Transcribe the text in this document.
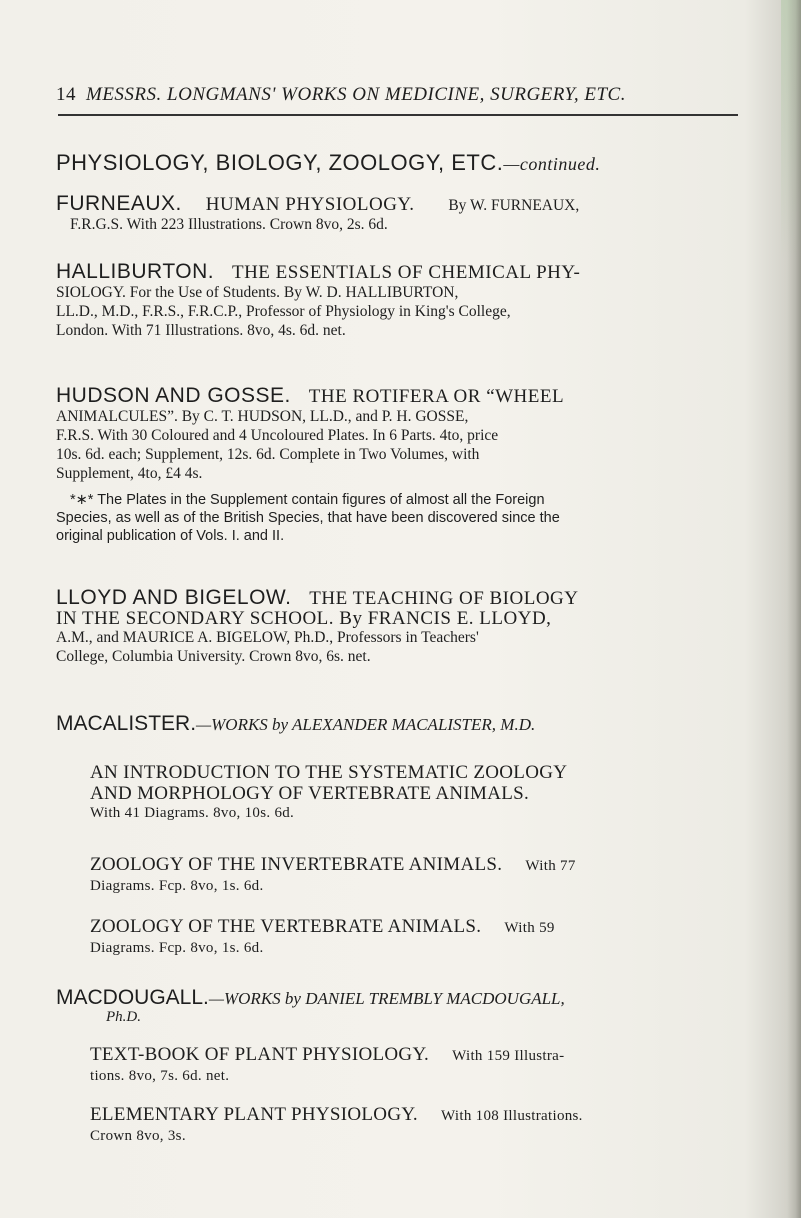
14 MESSRS. LONGMANS' WORKS ON MEDICINE, SURGERY, ETC.
PHYSIOLOGY, BIOLOGY, ZOOLOGY, ETC.—continued.
FURNEAUX. HUMAN PHYSIOLOGY. By W. FURNEAUX,
F.R.G.S. With 223 Illustrations. Crown 8vo, 2s. 6d.
HALLIBURTON. THE ESSENTIALS OF CHEMICAL PHY-
SIOLOGY. For the Use of Students. By W. D. HALLIBURTON,
LL.D., M.D., F.R.S., F.R.C.P., Professor of Physiology in King's College,
London. With 71 Illustrations. 8vo, 4s. 6d. net.
HUDSON AND GOSSE. THE ROTIFERA OR “WHEEL
ANIMALCULES”. By C. T. HUDSON, LL.D., and P. H. GOSSE,
F.R.S. With 30 Coloured and 4 Uncoloured Plates. In 6 Parts. 4to, price
10s. 6d. each; Supplement, 12s. 6d. Complete in Two Volumes, with
Supplement, 4to, £4 4s.
*∗* The Plates in the Supplement contain figures of almost all the Foreign
Species, as well as of the British Species, that have been discovered since the
original publication of Vols. I. and II.
LLOYD AND BIGELOW. THE TEACHING OF BIOLOGY
IN THE SECONDARY SCHOOL. By FRANCIS E. LLOYD,
A.M., and MAURICE A. BIGELOW, Ph.D., Professors in Teachers'
College, Columbia University. Crown 8vo, 6s. net.
MACALISTER.—WORKS by ALEXANDER MACALISTER, M.D.
AN INTRODUCTION TO THE SYSTEMATIC ZOOLOGY
AND MORPHOLOGY OF VERTEBRATE ANIMALS.
With 41 Diagrams. 8vo, 10s. 6d.
ZOOLOGY OF THE INVERTEBRATE ANIMALS. With 77
Diagrams. Fcp. 8vo, 1s. 6d.
ZOOLOGY OF THE VERTEBRATE ANIMALS. With 59
Diagrams. Fcp. 8vo, 1s. 6d.
MACDOUGALL.—WORKS by DANIEL TREMBLY MACDOUGALL,
Ph.D.
TEXT-BOOK OF PLANT PHYSIOLOGY. With 159 Illustra-
tions. 8vo, 7s. 6d. net.
ELEMENTARY PLANT PHYSIOLOGY. With 108 Illustrations.
Crown 8vo, 3s.
